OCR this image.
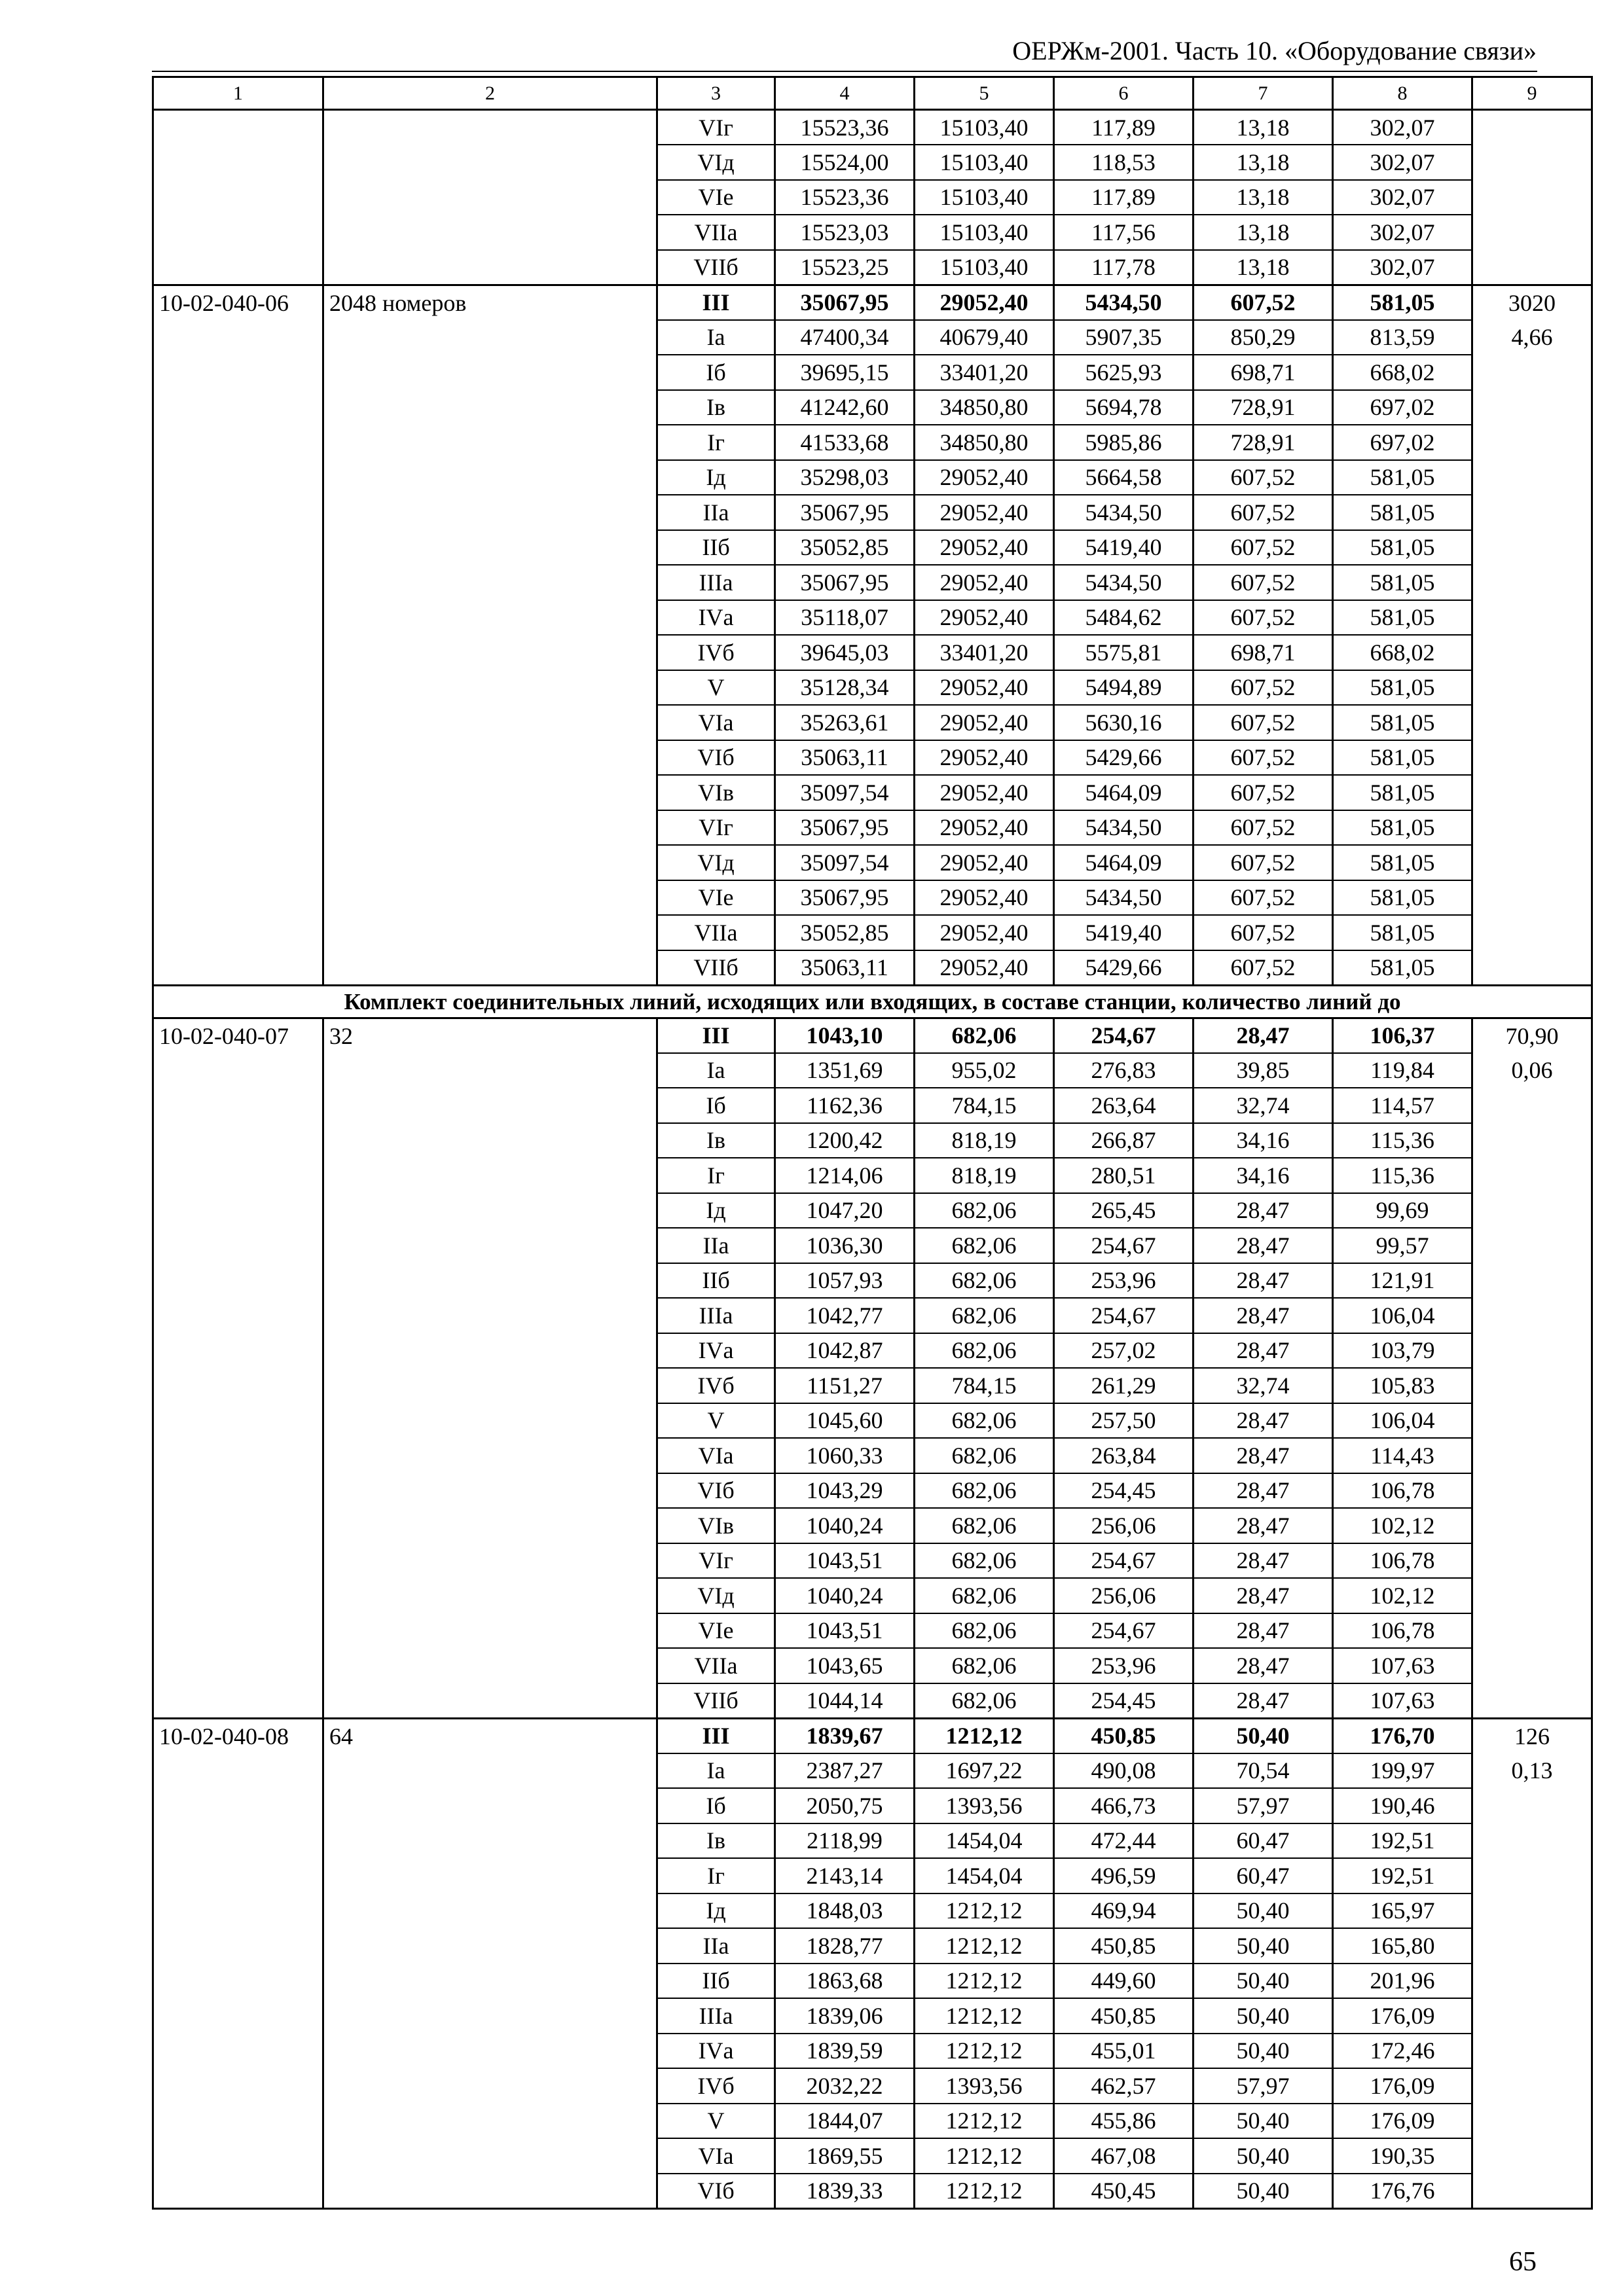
ОЕРЖм-2001. Часть 10. «Оборудование связи»
1	2	3	4	5	6	7	8	9
		VIг	15523,36	15103,40	117,89	13,18	302,07	
		VIд	15524,00	15103,40	118,53	13,18	302,07	
		VIе	15523,36	15103,40	117,89	13,18	302,07	
		VIIа	15523,03	15103,40	117,56	13,18	302,07	
		VIIб	15523,25	15103,40	117,78	13,18	302,07	
10-02-040-06	2048 номеров	III	35067,95	29052,40	5434,50	607,52	581,05	3020
		Iа	47400,34	40679,40	5907,35	850,29	813,59	4,66
		Iб	39695,15	33401,20	5625,93	698,71	668,02	
		Iв	41242,60	34850,80	5694,78	728,91	697,02	
		Iг	41533,68	34850,80	5985,86	728,91	697,02	
		Iд	35298,03	29052,40	5664,58	607,52	581,05	
		IIа	35067,95	29052,40	5434,50	607,52	581,05	
		IIб	35052,85	29052,40	5419,40	607,52	581,05	
		IIIа	35067,95	29052,40	5434,50	607,52	581,05	
		IVа	35118,07	29052,40	5484,62	607,52	581,05	
		IVб	39645,03	33401,20	5575,81	698,71	668,02	
		V	35128,34	29052,40	5494,89	607,52	581,05	
		VIа	35263,61	29052,40	5630,16	607,52	581,05	
		VIб	35063,11	29052,40	5429,66	607,52	581,05	
		VIв	35097,54	29052,40	5464,09	607,52	581,05	
		VIг	35067,95	29052,40	5434,50	607,52	581,05	
		VIд	35097,54	29052,40	5464,09	607,52	581,05	
		VIе	35067,95	29052,40	5434,50	607,52	581,05	
		VIIа	35052,85	29052,40	5419,40	607,52	581,05	
		VIIб	35063,11	29052,40	5429,66	607,52	581,05	
Комплект соединительных линий, исходящих или входящих, в составе станции, количество линий до								
10-02-040-07	32	III	1043,10	682,06	254,67	28,47	106,37	70,90
		Iа	1351,69	955,02	276,83	39,85	119,84	0,06
		Iб	1162,36	784,15	263,64	32,74	114,57	
		Iв	1200,42	818,19	266,87	34,16	115,36	
		Iг	1214,06	818,19	280,51	34,16	115,36	
		Iд	1047,20	682,06	265,45	28,47	99,69	
		IIа	1036,30	682,06	254,67	28,47	99,57	
		IIб	1057,93	682,06	253,96	28,47	121,91	
		IIIа	1042,77	682,06	254,67	28,47	106,04	
		IVа	1042,87	682,06	257,02	28,47	103,79	
		IVб	1151,27	784,15	261,29	32,74	105,83	
		V	1045,60	682,06	257,50	28,47	106,04	
		VIа	1060,33	682,06	263,84	28,47	114,43	
		VIб	1043,29	682,06	254,45	28,47	106,78	
		VIв	1040,24	682,06	256,06	28,47	102,12	
		VIг	1043,51	682,06	254,67	28,47	106,78	
		VIд	1040,24	682,06	256,06	28,47	102,12	
		VIе	1043,51	682,06	254,67	28,47	106,78	
		VIIа	1043,65	682,06	253,96	28,47	107,63	
		VIIб	1044,14	682,06	254,45	28,47	107,63	
10-02-040-08	64	III	1839,67	1212,12	450,85	50,40	176,70	126
		Iа	2387,27	1697,22	490,08	70,54	199,97	0,13
		Iб	2050,75	1393,56	466,73	57,97	190,46	
		Iв	2118,99	1454,04	472,44	60,47	192,51	
		Iг	2143,14	1454,04	496,59	60,47	192,51	
		Iд	1848,03	1212,12	469,94	50,40	165,97	
		IIа	1828,77	1212,12	450,85	50,40	165,80	
		IIб	1863,68	1212,12	449,60	50,40	201,96	
		IIIа	1839,06	1212,12	450,85	50,40	176,09	
		IVа	1839,59	1212,12	455,01	50,40	172,46	
		IVб	2032,22	1393,56	462,57	57,97	176,09	
		V	1844,07	1212,12	455,86	50,40	176,09	
		VIа	1869,55	1212,12	467,08	50,40	190,35	
		VIб	1839,33	1212,12	450,45	50,40	176,76	
65
